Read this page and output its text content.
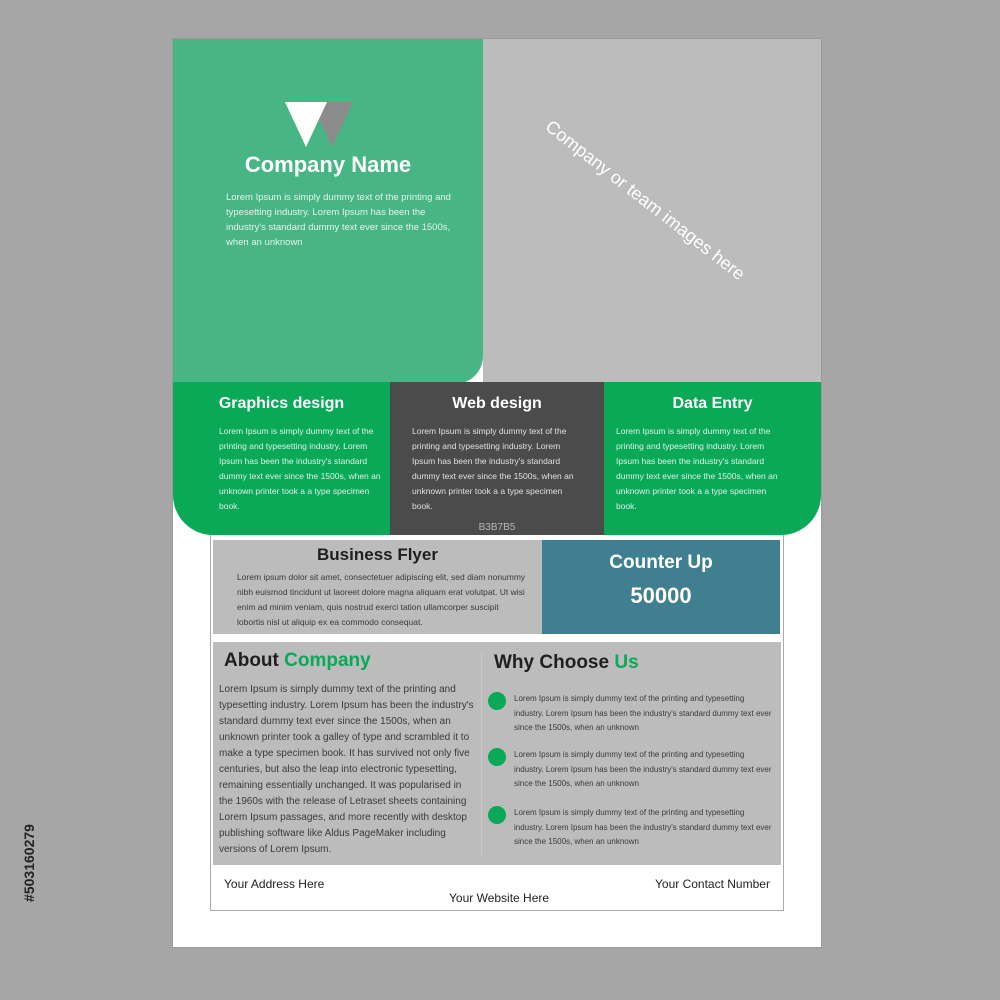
Company Name
Lorem Ipsum is simply dummy text of the printing and typesetting industry. Lorem Ipsum has been the industry's standard dummy text ever since the 1500s, when an unknown	Company or team images here
Graphics design
Lorem Ipsum is simply dummy text of the printing and typesetting industry. Lorem Ipsum has been the industry's standard dummy text ever since the 1500s, when an unknown printer took a a type specimen book.
Web design
Lorem Ipsum is simply dummy text of the printing and typesetting industry. Lorem Ipsum has been the industry's standard dummy text ever since the 1500s, when an unknown printer took a a type specimen book.
B3B7B5
Data Entry
Lorem Ipsum is simply dummy text of the printing and typesetting industry. Lorem Ipsum has been the industry's standard dummy text ever since the 1500s, when an unknown printer took a a type specimen book.
Business Flyer
Lorem ipsum dolor sit amet, consectetuer adipiscing elit, sed diam nonummy nibh euismod tincidunt ut laoreet dolore magna aliquam erat volutpat. Ut wisi enim ad minim veniam, quis nostrud exerci tation ullamcorper suscipit lobortis nisl ut aliquip ex ea commodo consequat.
Counter Up
50000
About Company
Lorem Ipsum is simply dummy text of the printing and typesetting industry. Lorem Ipsum has been the industry's standard dummy text ever since the 1500s, when an unknown printer took a galley of type and scrambled it to make a type specimen book. It has survived not only five centuries, but also the leap into electronic typesetting, remaining essentially unchanged. It was popularised in the 1960s with the release of Letraset sheets containing Lorem Ipsum passages, and more recently with desktop publishing software like Aldus PageMaker including versions of Lorem Ipsum.
Why Choose Us
Lorem Ipsum is simply dummy text of the printing and typesetting industry. Lorem Ipsum has been the industry's standard dummy text ever since the 1500s, when an unknown
Lorem Ipsum is simply dummy text of the printing and typesetting industry. Lorem Ipsum has been the industry's standard dummy text ever since the 1500s, when an unknown
Lorem Ipsum is simply dummy text of the printing and typesetting industry. Lorem Ipsum has been the industry's standard dummy text ever since the 1500s, when an unknown
Your Address Here	Your Contact Number
Your Website Here
#503160279
